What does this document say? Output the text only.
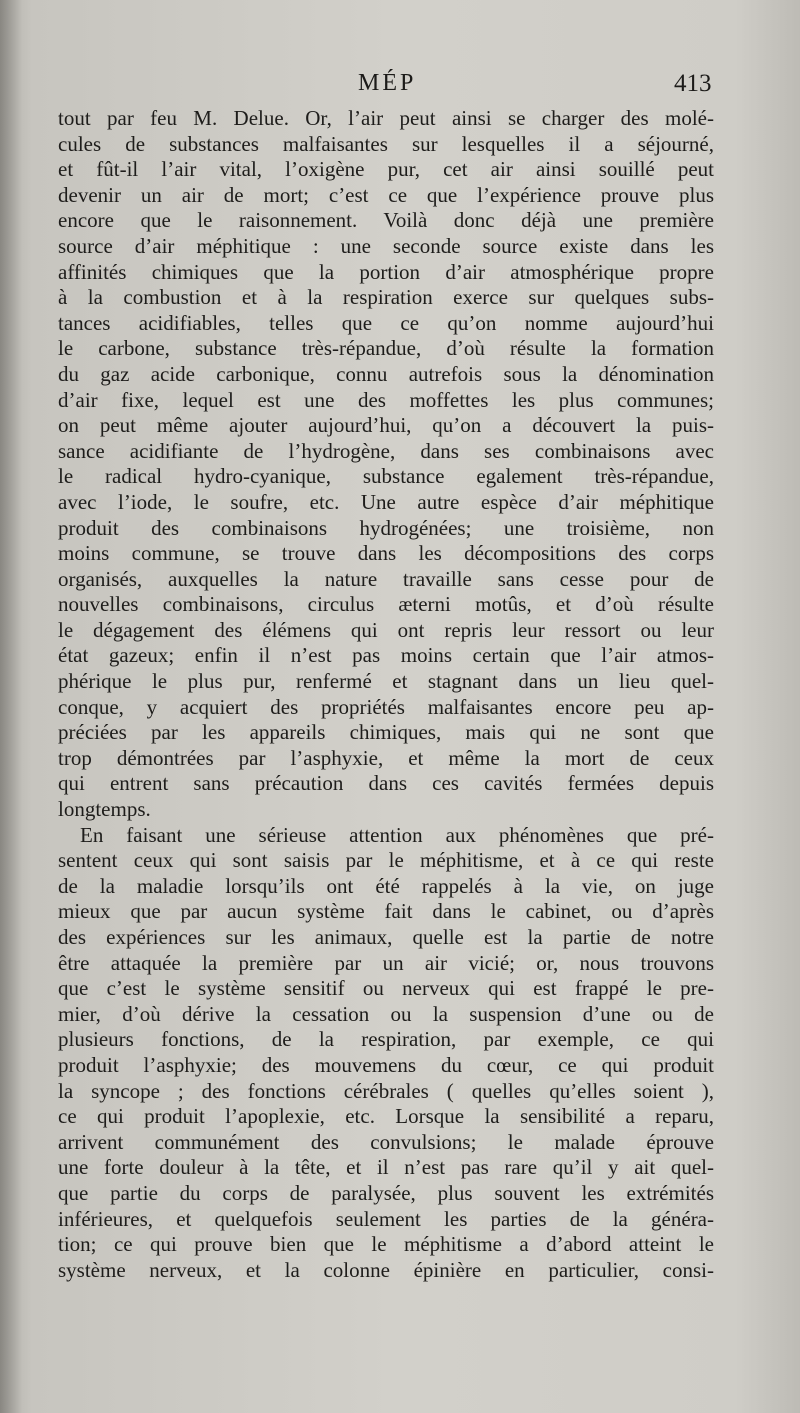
MÉP	413
tout par feu M. Delue. Or, l’air peut ainsi se charger des molé-
cules de substances malfaisantes sur lesquelles il a séjourné,
et fût-il l’air vital, l’oxigène pur, cet air ainsi souillé peut
devenir un air de mort; c’est ce que l’expérience prouve plus
encore que le raisonnement. Voilà donc déjà une première
source d’air méphitique : une seconde source existe dans les
affinités chimiques que la portion d’air atmosphérique propre
à la combustion et à la respiration exerce sur quelques subs-
tances acidifiables, telles que ce qu’on nomme aujourd’hui
le carbone, substance très-répandue, d’où résulte la formation
du gaz acide carbonique, connu autrefois sous la dénomination
d’air fixe, lequel est une des moffettes les plus communes;
on peut même ajouter aujourd’hui, qu’on a découvert la puis-
sance acidifiante de l’hydrogène, dans ses combinaisons avec
le radical hydro-cyanique, substance egalement très-répandue,
avec l’iode, le soufre, etc. Une autre espèce d’air méphitique
produit des combinaisons hydrogénées; une troisième, non
moins commune, se trouve dans les décompositions des corps
organisés, auxquelles la nature travaille sans cesse pour de
nouvelles combinaisons, circulus æterni motûs, et d’où résulte
le dégagement des élémens qui ont repris leur ressort ou leur
état gazeux; enfin il n’est pas moins certain que l’air atmos-
phérique le plus pur, renfermé et stagnant dans un lieu quel-
conque, y acquiert des propriétés malfaisantes encore peu ap-
préciées par les appareils chimiques, mais qui ne sont que
trop démontrées par l’asphyxie, et même la mort de ceux
qui entrent sans précaution dans ces cavités fermées depuis
longtemps.
En faisant une sérieuse attention aux phénomènes que pré-
sentent ceux qui sont saisis par le méphitisme, et à ce qui reste
de la maladie lorsqu’ils ont été rappelés à la vie, on juge
mieux que par aucun système fait dans le cabinet, ou d’après
des expériences sur les animaux, quelle est la partie de notre
être attaquée la première par un air vicié; or, nous trouvons
que c’est le système sensitif ou nerveux qui est frappé le pre-
mier, d’où dérive la cessation ou la suspension d’une ou de
plusieurs fonctions, de la respiration, par exemple, ce qui
produit l’asphyxie; des mouvemens du cœur, ce qui produit
la syncope ; des fonctions cérébrales ( quelles qu’elles soient ),
ce qui produit l’apoplexie, etc. Lorsque la sensibilité a reparu,
arrivent communément des convulsions; le malade éprouve
une forte douleur à la tête, et il n’est pas rare qu’il y ait quel-
que partie du corps de paralysée, plus souvent les extrémités
inférieures, et quelquefois seulement les parties de la généra-
tion; ce qui prouve bien que le méphitisme a d’abord atteint le
système nerveux, et la colonne épinière en particulier, consi-
